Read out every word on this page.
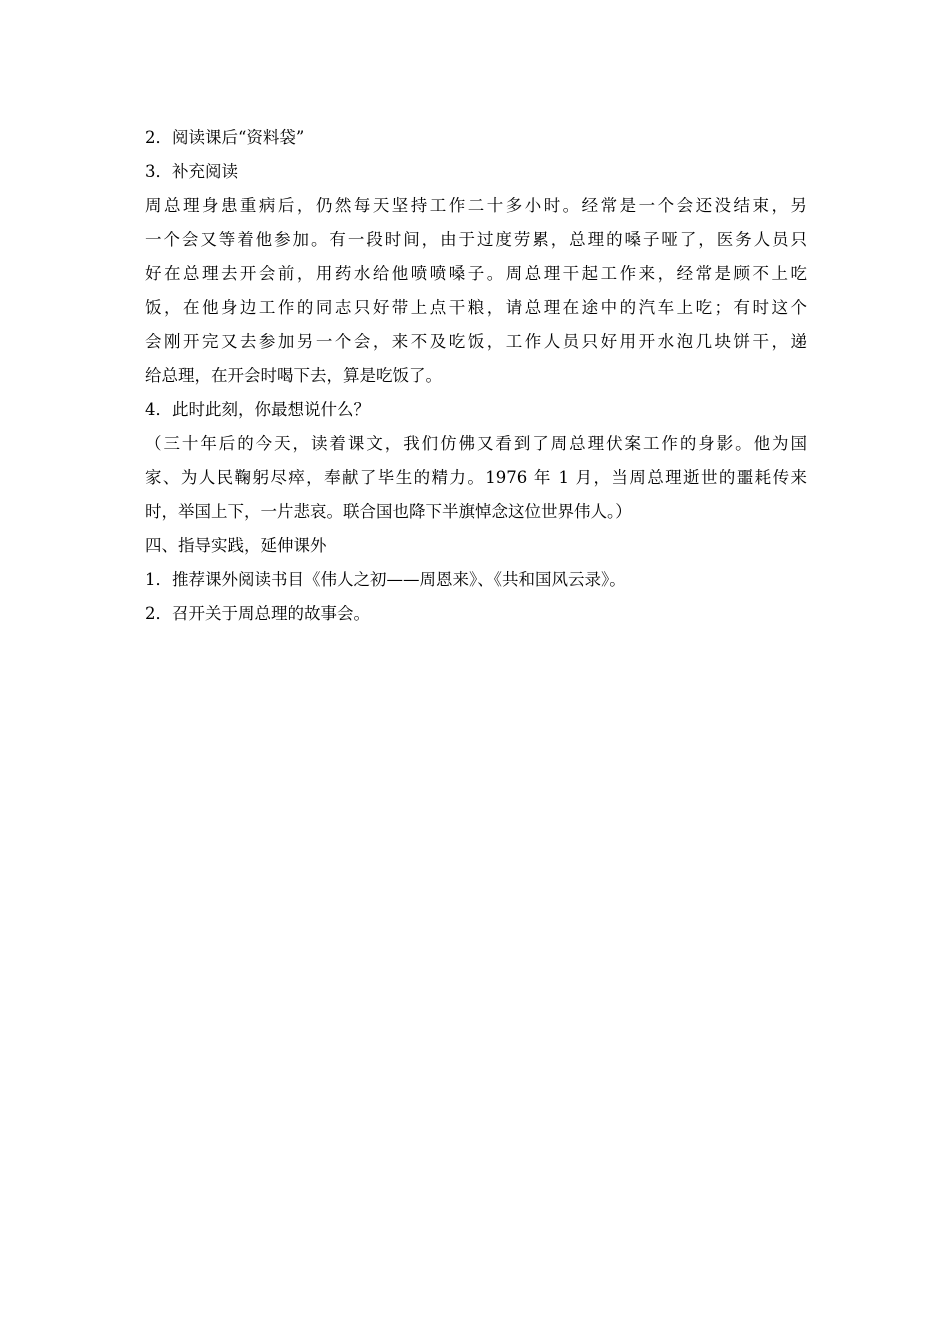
2．阅读课后“资料袋”
3．补充阅读
周总理身患重病后，仍然每天坚持工作二十多小时。经常是一个会还没结束，另
一个会又等着他参加。有一段时间，由于过度劳累，总理的嗓子哑了，医务人员只
好在总理去开会前，用药水给他喷喷嗓子。周总理干起工作来，经常是顾不上吃
饭，在他身边工作的同志只好带上点干粮，请总理在途中的汽车上吃；有时这个
会刚开完又去参加另一个会，来不及吃饭，工作人员只好用开水泡几块饼干，递
给总理，在开会时喝下去，算是吃饭了。
4．此时此刻，你最想说什么？
（三十年后的今天，读着课文，我们仿佛又看到了周总理伏案工作的身影。他为国
家、为人民鞠躬尽瘁，奉献了毕生的精力。1976 年 1 月，当周总理逝世的噩耗传来
时，举国上下，一片悲哀。联合国也降下半旗悼念这位世界伟人。）
四、指导实践，延伸课外
1．推荐课外阅读书目《伟人之初——周恩来》、《共和国风云录》。
2．召开关于周总理的故事会。
